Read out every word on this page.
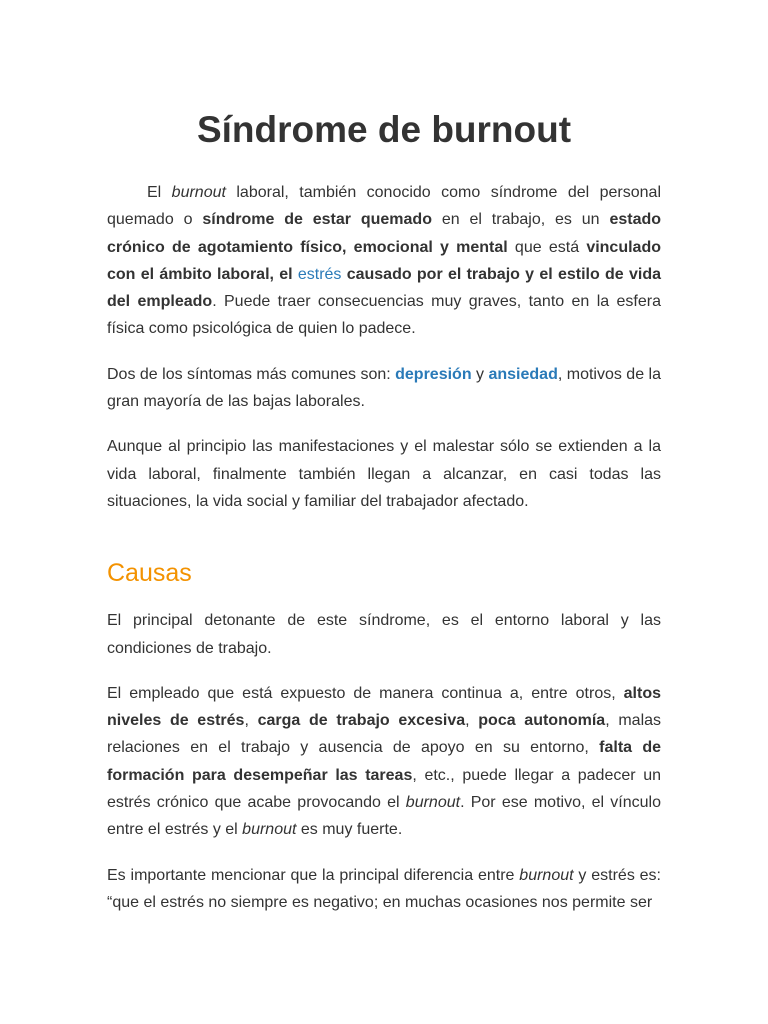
Síndrome de burnout

El burnout laboral, también conocido como síndrome del personal quemado o síndrome de estar quemado en el trabajo, es un estado crónico de agotamiento físico, emocional y mental que está vinculado con el ámbito laboral, el estrés causado por el trabajo y el estilo de vida del empleado. Puede traer consecuencias muy graves, tanto en la esfera física como psicológica de quien lo padece.

Dos de los síntomas más comunes son: depresión y ansiedad, motivos de la gran mayoría de las bajas laborales.

Aunque al principio las manifestaciones y el malestar sólo se extienden a la vida laboral, finalmente también llegan a alcanzar, en casi todas las situaciones, la vida social y familiar del trabajador afectado.

Causas

El principal detonante de este síndrome, es el entorno laboral y las condiciones de trabajo.

El empleado que está expuesto de manera continua a, entre otros, altos niveles de estrés, carga de trabajo excesiva, poca autonomía, malas relaciones en el trabajo y ausencia de apoyo en su entorno, falta de formación para desempeñar las tareas, etc., puede llegar a padecer un estrés crónico que acabe provocando el burnout. Por ese motivo, el vínculo entre el estrés y el burnout es muy fuerte.

Es importante mencionar que la principal diferencia entre burnout y estrés es: “que el estrés no siempre es negativo; en muchas ocasiones nos permite ser
